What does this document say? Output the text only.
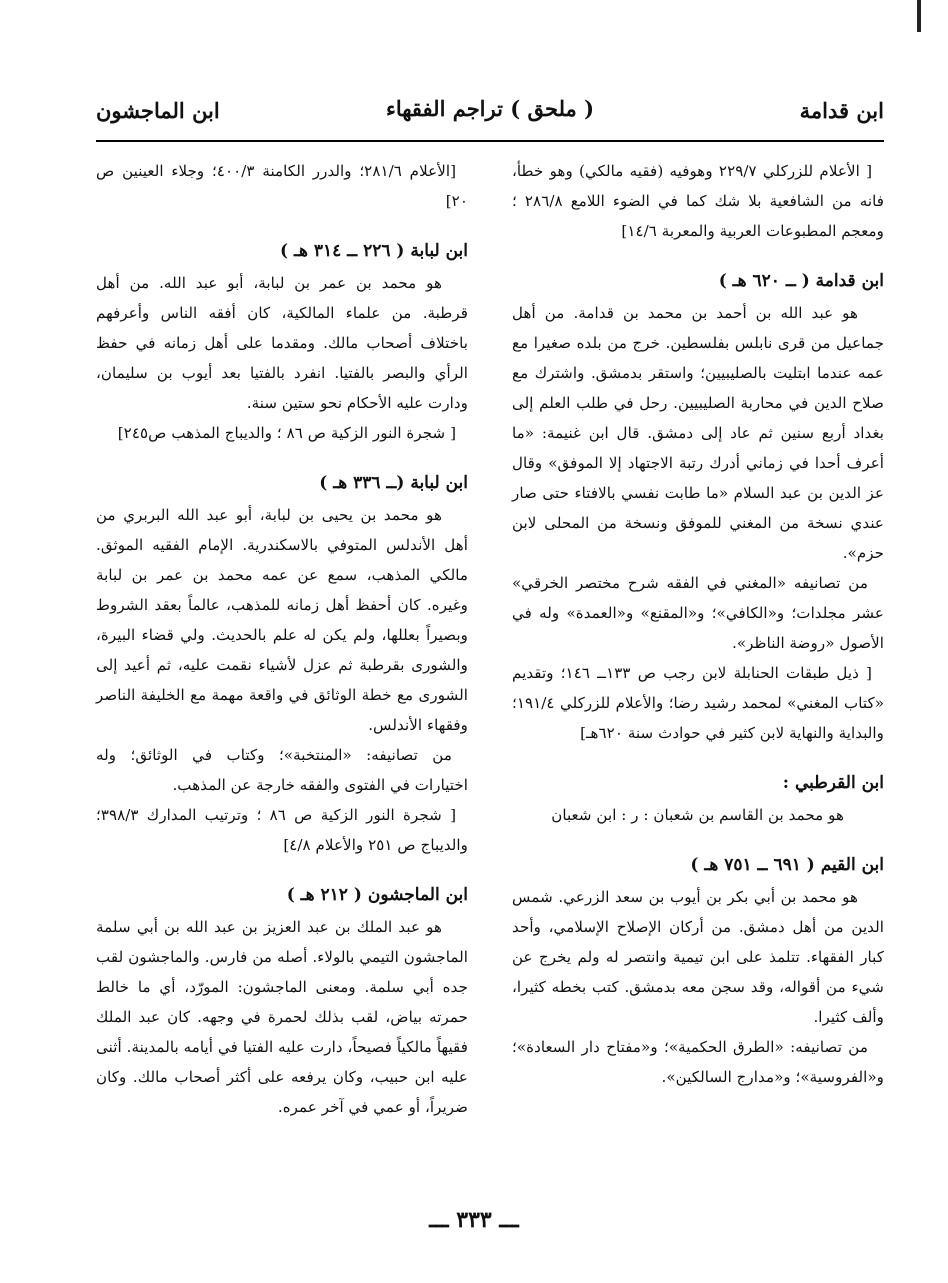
ابن قدامة
( ملحق ) تراجم الفقهاء
ابن الماجشون
[ الأعلام للزركلي ٢٢٩/٧ وهوفيه (فقيه مالكي) وهو خطأ، فانه من الشافعية بلا شك كما في الضوء اللامع ٢٨٦/٨ ؛ ومعجم المطبوعات العربية والمعربة ١٤/٦]
ابن قدامة ( ــ ٦٢٠ هـ )
هو عبد الله بن أحمد بن محمد بن قدامة. من أهل جماعيل من قرى نابلس بفلسطين. خرج من بلده صغيرا مع عمه عندما ابتليت بالصليبيين؛ واستقر بدمشق. واشترك مع صلاح الدين في محاربة الصليبيين. رحل في طلب العلم إلى بغداد أربع سنين ثم عاد إلى دمشق. قال ابن غنيمة: «ما أعرف أحدا في زماني أدرك رتبة الاجتهاد إلا الموفق» وقال عز الدين بن عبد السلام «ما طابت نفسي بالافتاء حتى صار عندي نسخة من المغني للموفق ونسخة من المحلى لابن حزم».
من تصانيفه «المغني في الفقه شرح مختصر الخرقي» عشر مجلدات؛ و«الكافي»؛ و«المقنع» و«العمدة» وله في الأصول «روضة الناظر».
[ ذيل طبقات الحنابلة لابن رجب ص ١٣٣ــ ١٤٦؛ وتقديم «كتاب المغني» لمحمد رشيد رضا؛ والأعلام للزركلي ١٩١/٤؛ والبداية والنهاية لابن كثير في حوادث سنة ٦٢٠هـ]
ابن القرطبي :
هو محمد بن القاسم بن شعبان : ر : ابن شعبان
ابن القيم ( ٦٩١ ــ ٧٥١ هـ )
هو محمد بن أبي بكر بن أيوب بن سعد الزرعي. شمس الدين من أهل دمشق. من أركان الإصلاح الإسلامي، وأحد كبار الفقهاء. تتلمذ على ابن تيمية وانتصر له ولم يخرج عن شيء من أقواله، وقد سجن معه بدمشق. كتب بخطه كثيرا، وألف كثيرا.
من تصانيفه: «الطرق الحكمية»؛ و«مفتاح دار السعادة»؛ و«الفروسية»؛ و«مدارج السالكين».
[الأعلام ٢٨١/٦؛ والدرر الكامنة ٤٠٠/٣؛ وجلاء العينين ص ٢٠]
ابن لبابة ( ٢٢٦ ــ ٣١٤ هـ )
هو محمد بن عمر بن لبابة، أبو عبد الله. من أهل قرطبة. من علماء المالكية، كان أفقه الناس وأعرفهم باختلاف أصحاب مالك. ومقدما على أهل زمانه في حفظ الرأي والبصر بالفتيا. انفرد بالفتيا بعد أيوب بن سليمان، ودارت عليه الأحكام نحو ستين سنة.
[ شجرة النور الزكية ص ٨٦ ؛ والديباج المذهب ص٢٤٥]
ابن لبابة (ــ ٣٣٦ هـ )
هو محمد بن يحيى بن لبابة، أبو عبد الله البربري من أهل الأندلس المتوفي بالاسكندرية. الإمام الفقيه الموثق. مالكي المذهب، سمع عن عمه محمد بن عمر بن لبابة وغيره. كان أحفظ أهل زمانه للمذهب، عالماً بعقد الشروط وبصيراً بعللها، ولم يكن له علم بالحديث. ولي قضاء البيرة، والشورى بقرطبة ثم عزل لأشياء نقمت عليه، ثم أعيد إلى الشورى مع خطة الوثائق في واقعة مهمة مع الخليفة الناصر وفقهاء الأندلس.
من تصانيفه: «المنتخبة»؛ وكتاب في الوثائق؛ وله اختيارات في الفتوى والفقه خارجة عن المذهب.
[ شجرة النور الزكية ص ٨٦ ؛ وترتيب المدارك ٣٩٨/٣؛ والديباج ص ٢٥١ والأعلام ٤/٨]
ابن الماجشون ( ٢١٢ هـ )
هو عبد الملك بن عبد العزيز بن عبد الله بن أبي سلمة الماجشون التيمي بالولاء. أصله من فارس. والماجشون لقب جده أبي سلمة. ومعنى الماجشون: المورّد، أي ما خالط حمرته بياض، لقب بذلك لحمرة في وجهه. كان عبد الملك فقيهاً مالكياً فصيحاً، دارت عليه الفتيا في أيامه بالمدينة. أثنى عليه ابن حبيب، وكان يرفعه على أكثر أصحاب مالك. وكان ضريراً، أو عمي في آخر عمره.
ـــ ٣٣٣ ـــ
